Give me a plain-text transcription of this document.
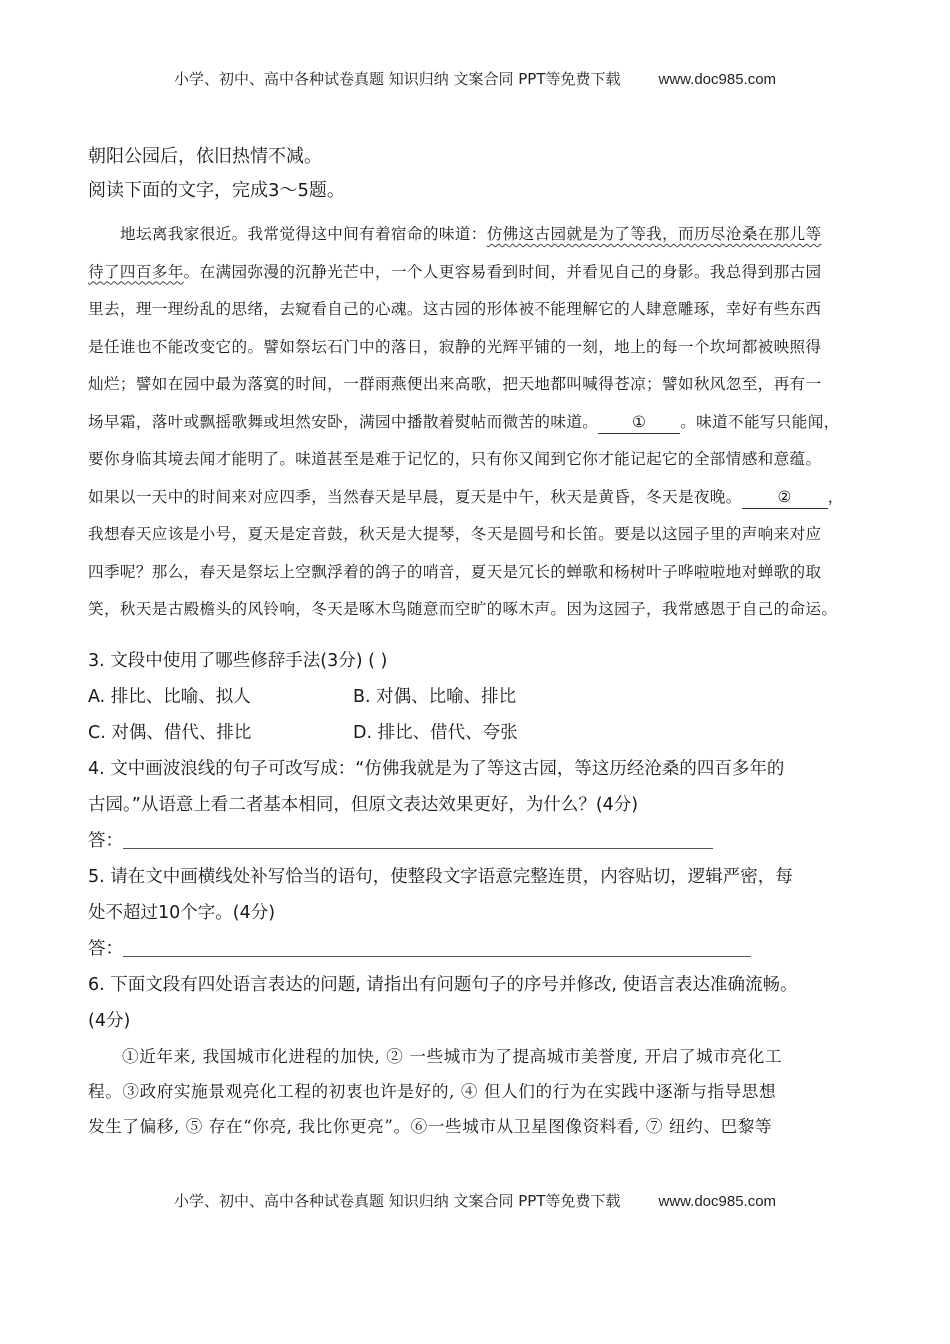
小学、初中、高中各种试卷真题 知识归纳 文案合同 PPT等免费下载	www.doc985.com
朝阳公园后，依旧热情不减。
阅读下面的文字，完成3～5题。
地坛离我家很近。我常觉得这中间有着宿命的味道：仿佛这古园就是为了等我，而历尽沧桑在那儿等
待了四百多年。在满园弥漫的沉静光芒中，一个人更容易看到时间，并看见自己的身影。我总得到那古园
里去，理一理纷乱的思绪，去窥看自己的心魂。这古园的形体被不能理解它的人肆意雕琢，幸好有些东西
是任谁也不能改变它的。譬如祭坛石门中的落日，寂静的光辉平铺的一刻，地上的每一个坎坷都被映照得
灿烂；譬如在园中最为落寞的时间，一群雨燕便出来高歌，把天地都叫喊得苍凉；譬如秋风忽至，再有一
场早霜，落叶或飘摇歌舞或坦然安卧，满园中播散着熨帖而微苦的味道。 ① 。味道不能写只能闻，
要你身临其境去闻才能明了。味道甚至是难于记忆的，只有你又闻到它你才能记起它的全部情感和意蕴。
如果以一天中的时间来对应四季，当然春天是早晨，夏天是中午，秋天是黄昏，冬天是夜晚。 ② ，
我想春天应该是小号，夏天是定音鼓，秋天是大提琴，冬天是圆号和长笛。要是以这园子里的声响来对应
四季呢？那么，春天是祭坛上空飘浮着的鸽子的哨音，夏天是冗长的蝉歌和杨树叶子哗啦啦地对蝉歌的取
笑，秋天是古殿檐头的风铃响，冬天是啄木鸟随意而空旷的啄木声。因为这园子，我常感恩于自己的命运。
3. 文段中使用了哪些修辞手法(3分) ( )
A. 排比、比喻、拟人	B. 对偶、比喻、排比
C. 对偶、借代、排比	D. 排比、借代、夸张
4. 文中画波浪线的句子可改写成：“仿佛我就是为了等这古园，等这历经沧桑的四百多年的
古园。”从语意上看二者基本相同，但原文表达效果更好，为什么？(4分)
答：
5. 请在文中画横线处补写恰当的语句，使整段文字语意完整连贯，内容贴切，逻辑严密，每
处不超过10个字。(4分)
答：
6. 下面文段有四处语言表达的问题, 请指出有问题句子的序号并修改, 使语言表达准确流畅。
(4分)
①近年来, 我国城市化进程的加快, ② 一些城市为了提高城市美誉度, 开启了城市亮化工
程。③政府实施景观亮化工程的初衷也许是好的, ④ 但人们的行为在实践中逐渐与指导思想
发生了偏移, ⑤ 存在“你亮, 我比你更亮”。⑥一些城市从卫星图像资料看, ⑦ 纽约、巴黎等
小学、初中、高中各种试卷真题 知识归纳 文案合同 PPT等免费下载	www.doc985.com
